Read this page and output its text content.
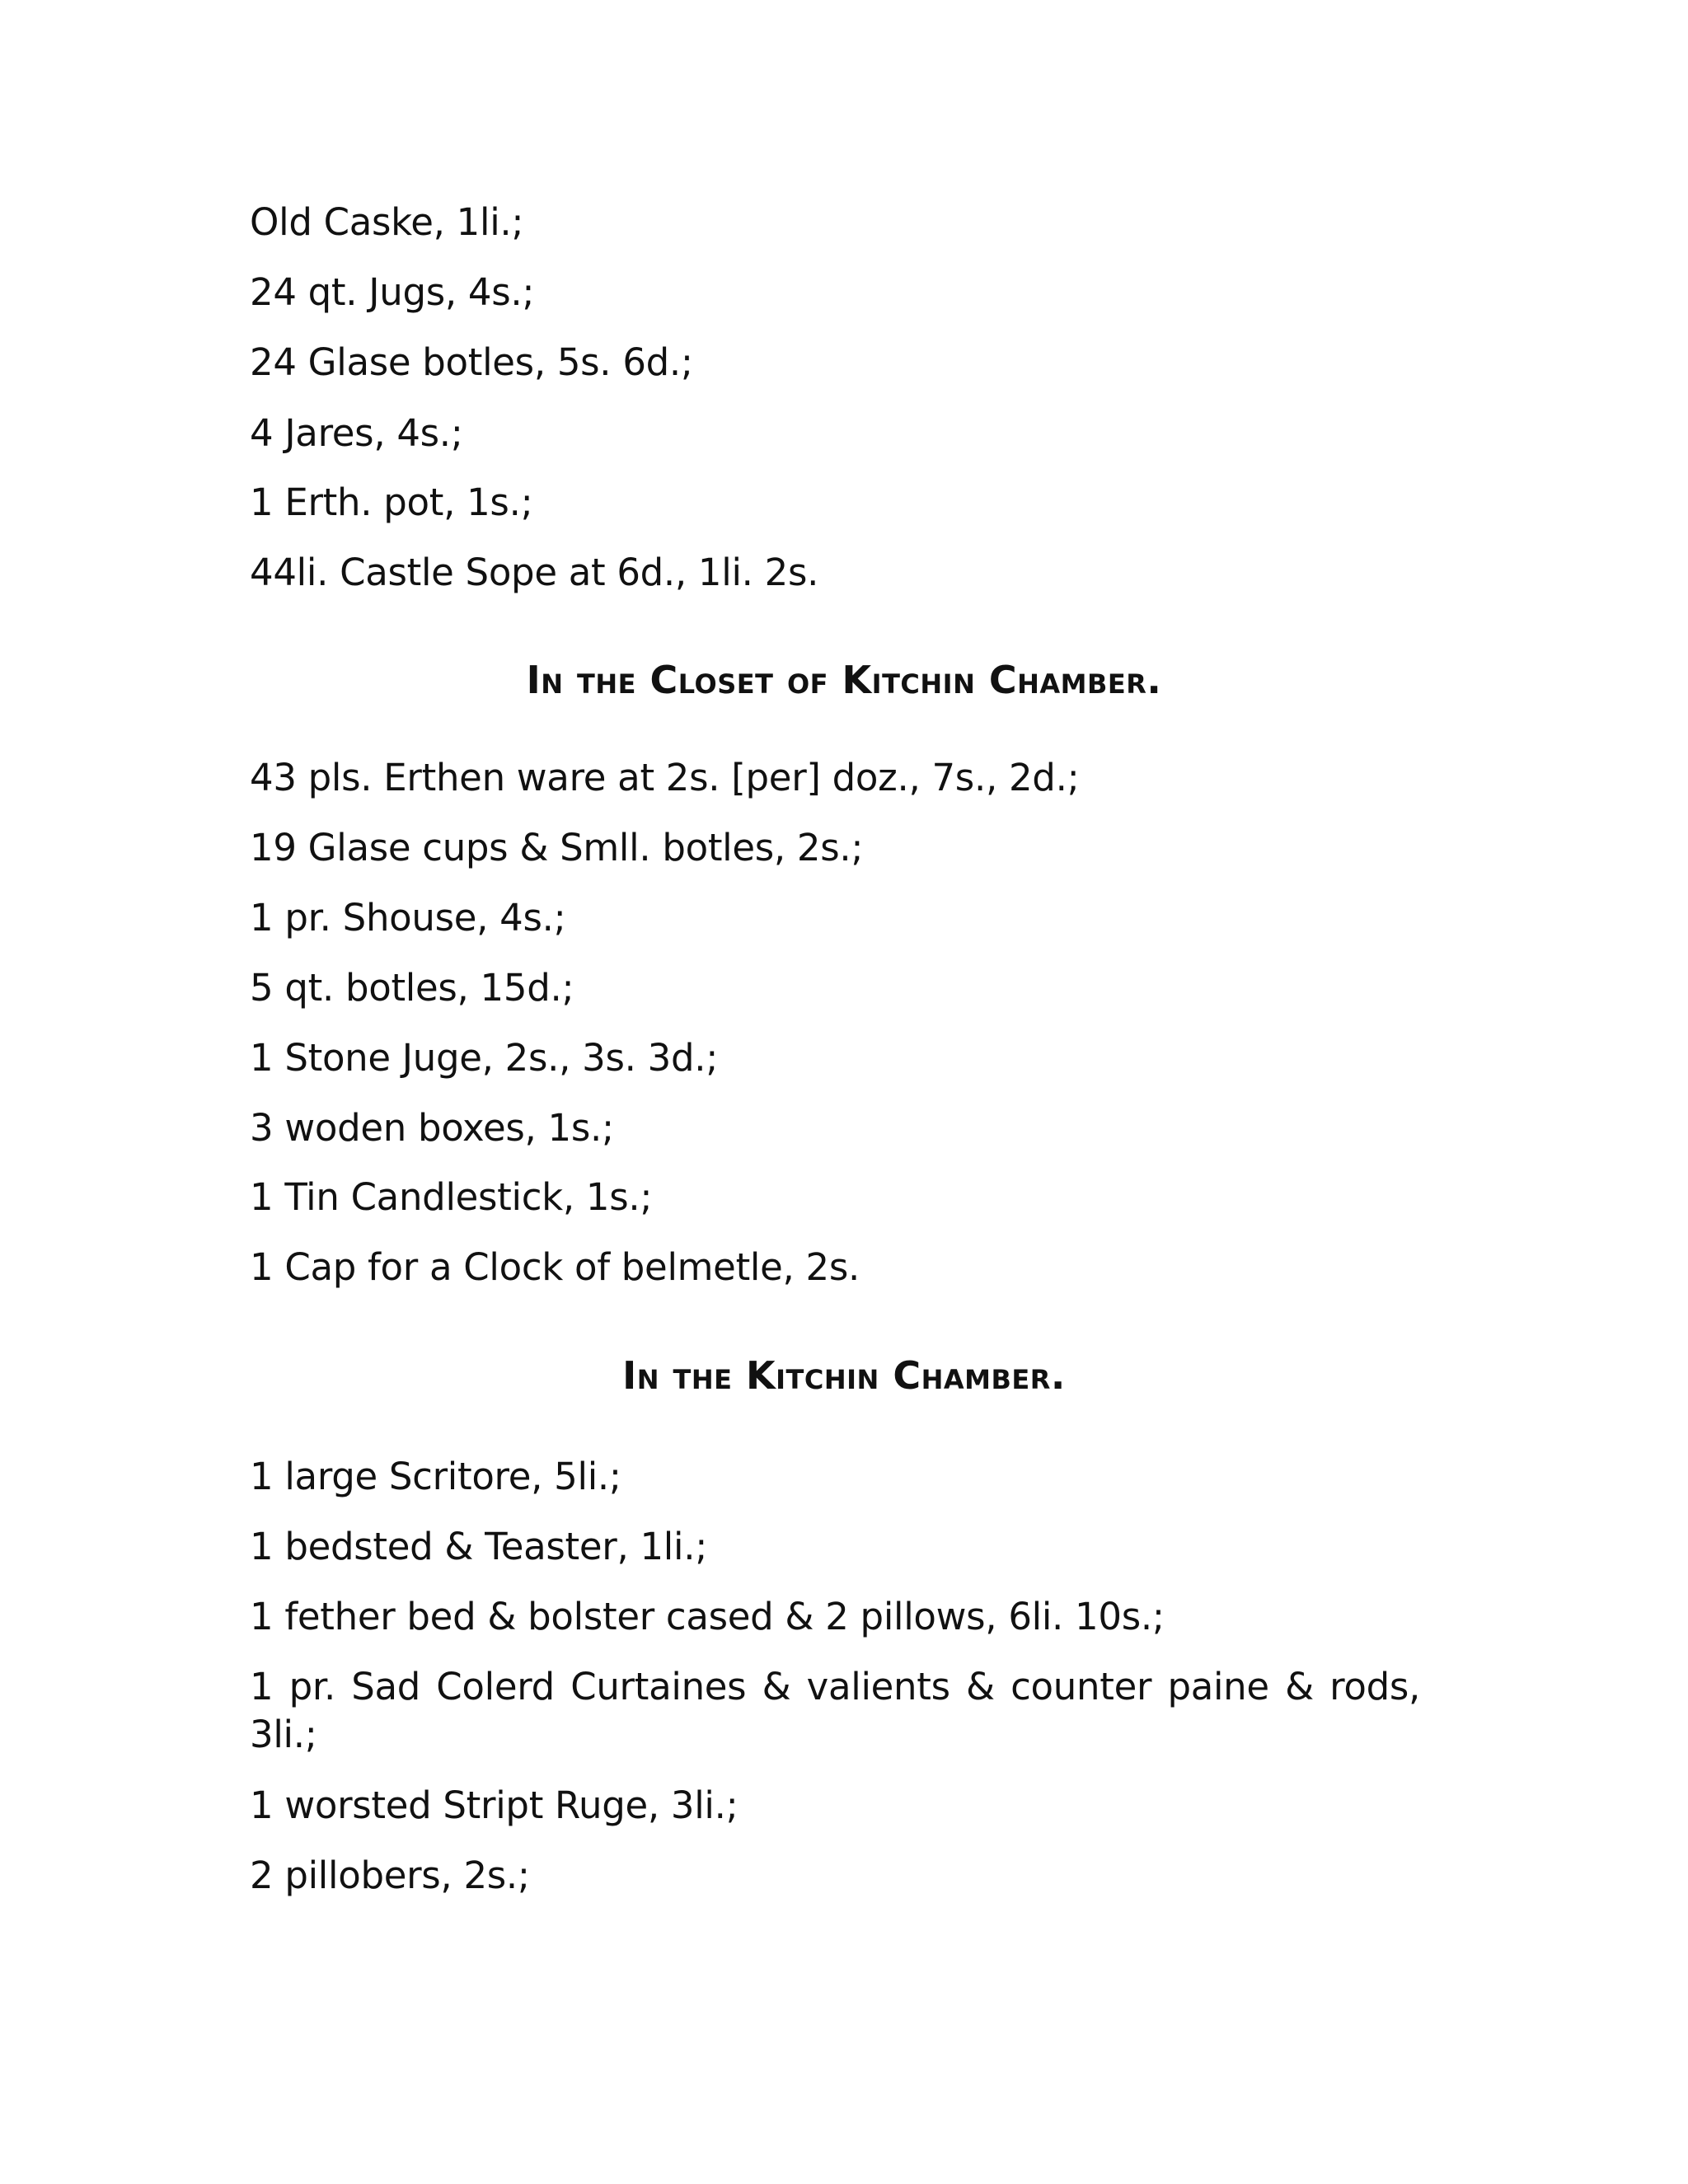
Old Caske, 1li.;
24 qt. Jugs, 4s.;
24 Glase botles, 5s. 6d.;
4 Jares, 4s.;
1 Erth. pot, 1s.;
44li. Castle Sope at 6d., 1li. 2s.
In the Closet of Kitchin Chamber.
43 pls. Erthen ware at 2s. [per] doz., 7s., 2d.;
19 Glase cups & Smll. botles, 2s.;
1 pr. Shouse, 4s.;
5 qt. botles, 15d.;
1 Stone Juge, 2s., 3s. 3d.;
3 woden boxes, 1s.;
1 Tin Candlestick, 1s.;
1 Cap for a Clock of belmetle, 2s.
In the Kitchin Chamber.
1 large Scritore, 5li.;
1 bedsted & Teaster, 1li.;
1 fether bed & bolster cased & 2 pillows, 6li. 10s.;
1 pr. Sad Colerd Curtaines & valients & counter paine & rods, 3li.;
1 worsted Stript Ruge, 3li.;
2 pillobers, 2s.;
